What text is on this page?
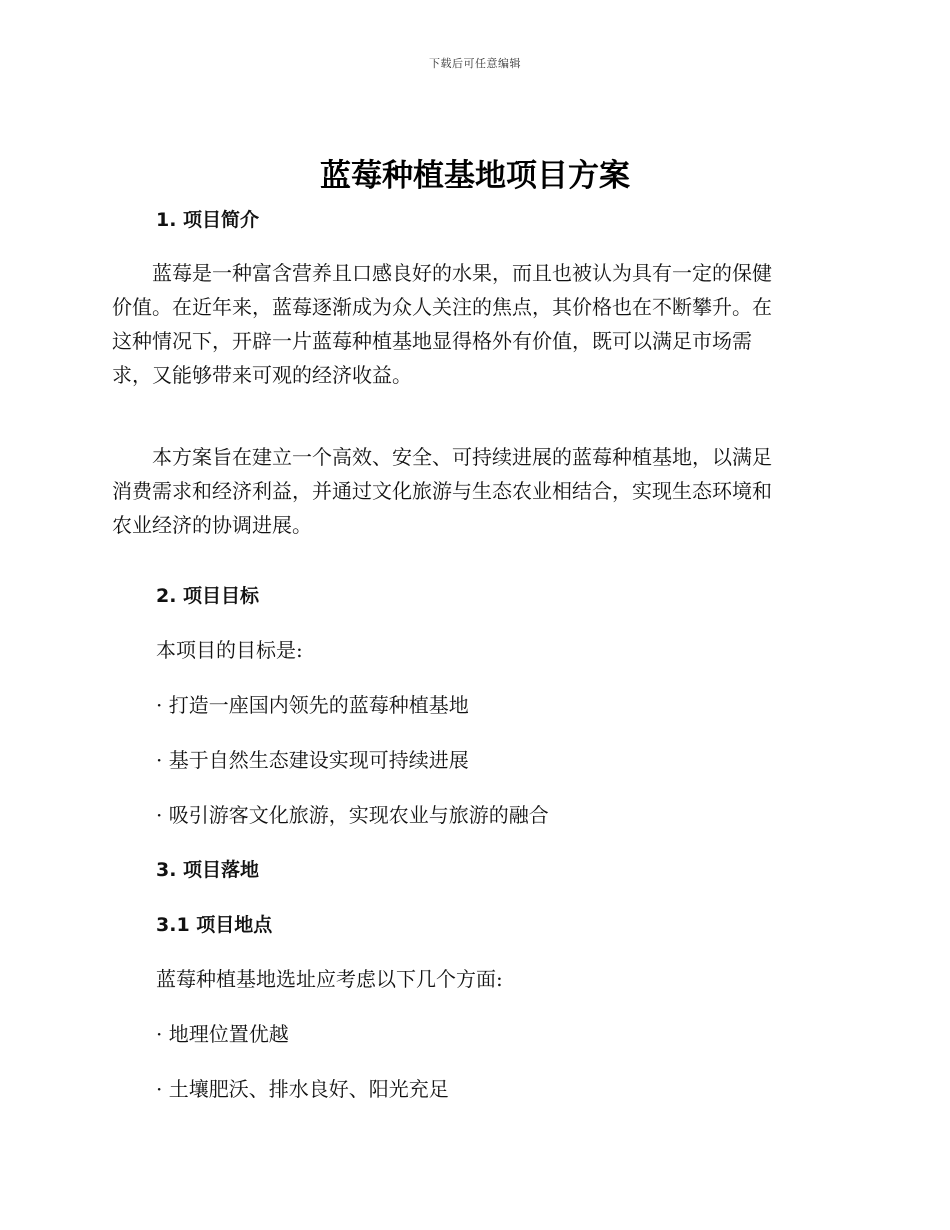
下载后可任意编辑
蓝莓种植基地项目方案
1. 项目简介
　　蓝莓是一种富含营养且口感良好的水果，而且也被认为具有一定的保健
价值。在近年来，蓝莓逐渐成为众人关注的焦点，其价格也在不断攀升。在
这种情况下，开辟一片蓝莓种植基地显得格外有价值，既可以满足市场需
求，又能够带来可观的经济收益。
　　本方案旨在建立一个高效、安全、可持续进展的蓝莓种植基地，以满足
消费需求和经济利益，并通过文化旅游与生态农业相结合，实现生态环境和
农业经济的协调进展。
2. 项目目标
本项目的目标是:
· 打造一座国内领先的蓝莓种植基地
· 基于自然生态建设实现可持续进展
· 吸引游客文化旅游，实现农业与旅游的融合
3. 项目落地
3.1 项目地点
蓝莓种植基地选址应考虑以下几个方面:
· 地理位置优越
· 土壤肥沃、排水良好、阳光充足
